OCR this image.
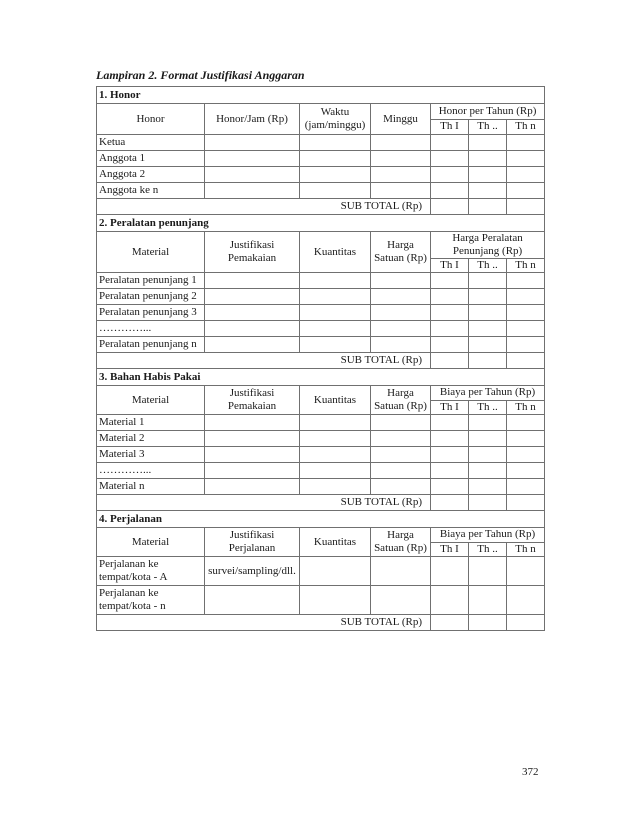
Lampiran 2. Format Justifikasi Anggaran
1. Honor						
Honor	Honor/Jam (Rp)	Waktu (jam/minggu)	Minggu	Honor per Tahun (Rp)		
				Th I	Th ..	Th n
Ketua						
Anggota 1						
Anggota 2						
Anggota ke n						
SUB TOTAL (Rp)						
2. Peralatan penunjang						
Material	Justifikasi Pemakaian	Kuantitas	Harga Satuan (Rp)	Harga Peralatan Penunjang (Rp)		
				Th I	Th ..	Th n
Peralatan penunjang 1						
Peralatan penunjang 2						
Peralatan penunjang 3						
…………...						
Peralatan penunjang n						
SUB TOTAL (Rp)						
3. Bahan Habis Pakai						
Material	Justifikasi Pemakaian	Kuantitas	Harga Satuan (Rp)	Biaya per Tahun (Rp)		
				Th I	Th ..	Th n
Material 1						
Material 2						
Material 3						
…………...						
Material n						
SUB TOTAL (Rp)						
4. Perjalanan						
Material	Justifikasi Perjalanan	Kuantitas	Harga Satuan (Rp)	Biaya per Tahun (Rp)		
				Th I	Th ..	Th n
Perjalanan ke tempat/kota - A	survei/sampling/dll.					
Perjalanan ke tempat/kota - n						
SUB TOTAL (Rp)						
372
